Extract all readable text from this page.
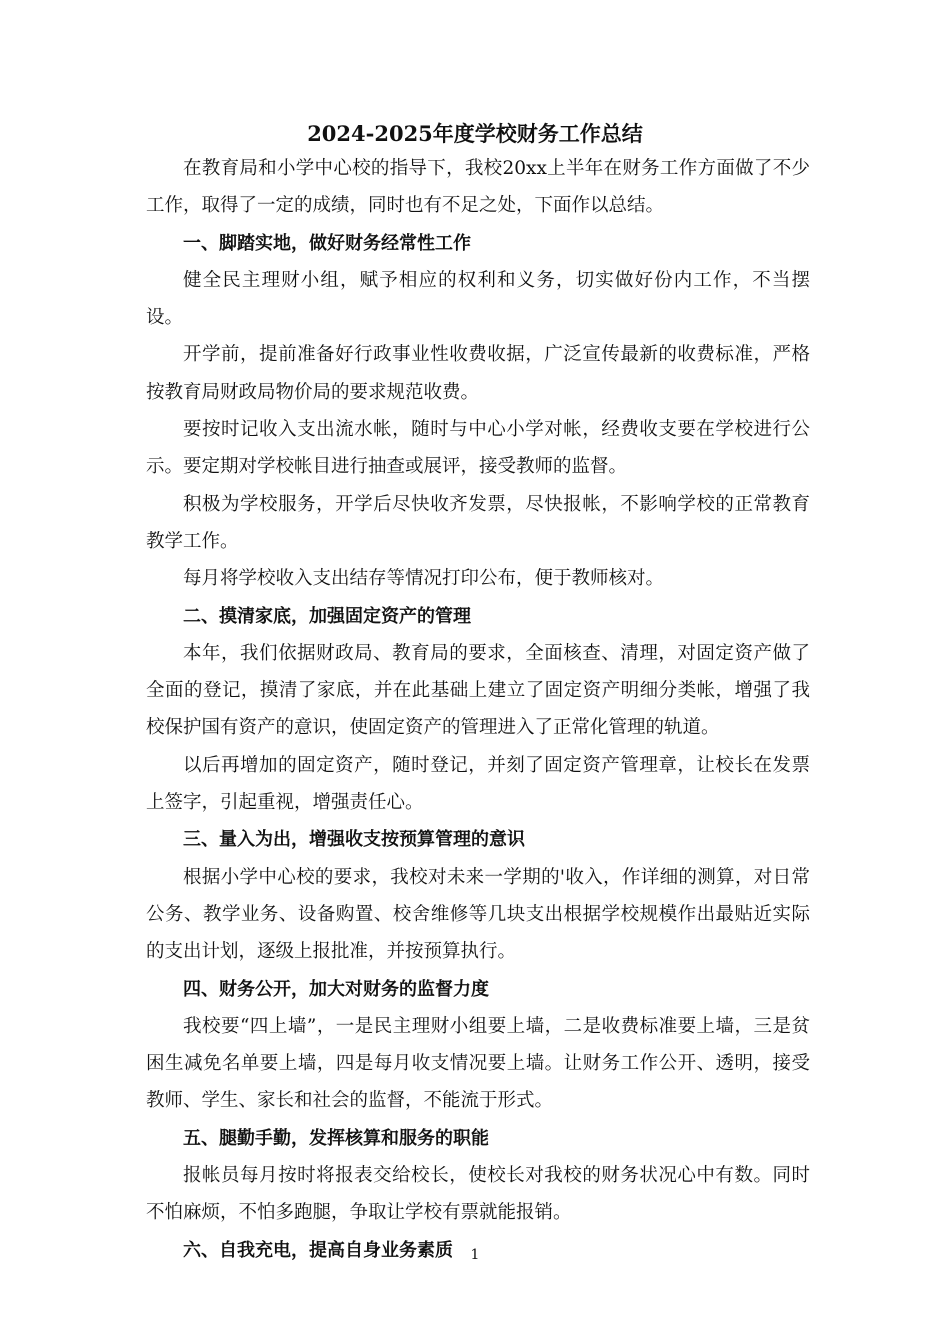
2024-2025年度学校财务工作总结

在教育局和小学中心校的指导下，我校20xx上半年在财务工作方面做了不少工作，取得了一定的成绩，同时也有不足之处，下面作以总结。

一、脚踏实地，做好财务经常性工作

健全民主理财小组，赋予相应的权利和义务，切实做好份内工作，不当摆设。

开学前，提前准备好行政事业性收费收据，广泛宣传最新的收费标准，严格按教育局财政局物价局的要求规范收费。

要按时记收入支出流水帐，随时与中心小学对帐，经费收支要在学校进行公示。要定期对学校帐目进行抽查或展评，接受教师的监督。

积极为学校服务，开学后尽快收齐发票，尽快报帐，不影响学校的正常教育教学工作。

每月将学校收入支出结存等情况打印公布，便于教师核对。

二、摸清家底，加强固定资产的管理

本年，我们依据财政局、教育局的要求，全面核查、清理，对固定资产做了全面的登记，摸清了家底，并在此基础上建立了固定资产明细分类帐，增强了我校保护国有资产的意识，使固定资产的管理进入了正常化管理的轨道。

以后再增加的固定资产，随时登记，并刻了固定资产管理章，让校长在发票上签字，引起重视，增强责任心。

三、量入为出，增强收支按预算管理的意识

根据小学中心校的要求，我校对未来一学期的'收入，作详细的测算，对日常公务、教学业务、设备购置、校舍维修等几块支出根据学校规模作出最贴近实际的支出计划，逐级上报批准，并按预算执行。

四、财务公开，加大对财务的监督力度

我校要“四上墙”，一是民主理财小组要上墙，二是收费标准要上墙，三是贫困生减免名单要上墙，四是每月收支情况要上墙。让财务工作公开、透明，接受教师、学生、家长和社会的监督，不能流于形式。

五、腿勤手勤，发挥核算和服务的职能

报帐员每月按时将报表交给校长，使校长对我校的财务状况心中有数。同时不怕麻烦，不怕多跑腿，争取让学校有票就能报销。

六、自我充电，提高自身业务素质	1
